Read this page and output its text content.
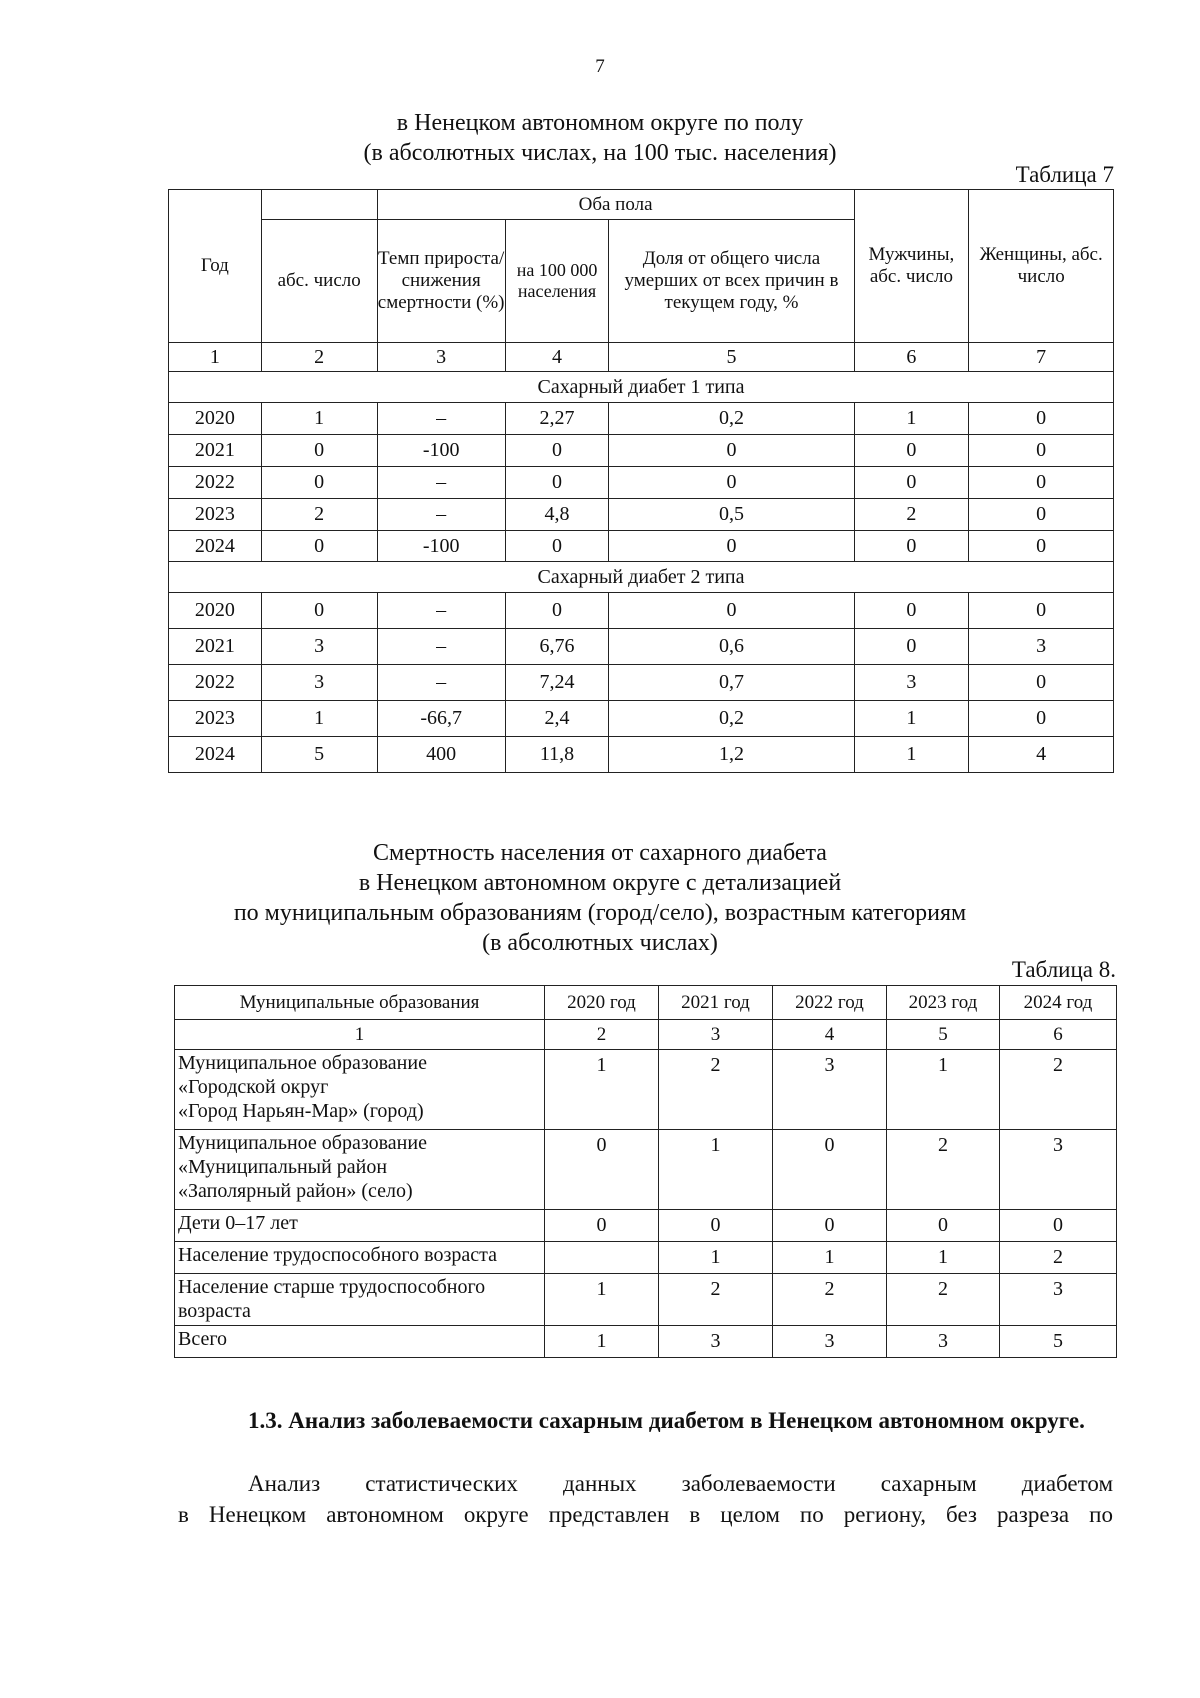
7
в Ненецком автономном округе по полу
(в абсолютных числах, на 100 тыс. населения)
Таблица 7
Год		Оба пола			Мужчины, абс. число	Женщины, абс. число
	абс. число	Темп прироста/ снижения смертности (%)	на 100 000 населения	Доля от общего числа умерших от всех причин в текущем году, %		
1	2	3	4	5	6	7
Сахарный диабет 1 типа						
2020	1	–	2,27	0,2	1	0
2021	0	-100	0	0	0	0
2022	0	–	0	0	0	0
2023	2	–	4,8	0,5	2	0
2024	0	-100	0	0	0	0
Сахарный диабет 2 типа						
2020	0	–	0	0	0	0
2021	3	–	6,76	0,6	0	3
2022	3	–	7,24	0,7	3	0
2023	1	-66,7	2,4	0,2	1	0
2024	5	400	11,8	1,2	1	4
Смертность населения от сахарного диабета
в Ненецком автономном округе с детализацией
по муниципальным образованиям (город/село), возрастным категориям
(в абсолютных числах)
Таблица 8.
Муниципальные образования	2020 год	2021 год	2022 год	2023 год	2024 год
1	2	3	4	5	6

Муниципальное образование
«Городской округ
«Город Нарьян-Мар» (город)	1	2	3	1	2

Муниципальное образование
«Муниципальный район
«Заполярный район» (село)	0	1	0	2	3

Дети 0–17 лет	0	0	0	0	0

Население трудоспособного возраста		1	1	1	2

Население старше трудоспособного
возраста	1	2	2	2	3

Всего	1	3	3	3	5
1.3. Анализ заболеваемости сахарным диабетом в Ненецком автономном округе.
Анализ статистических данных заболеваемости сахарным диабетом
в Ненецком автономном округе представлен в целом по региону, без разреза по
